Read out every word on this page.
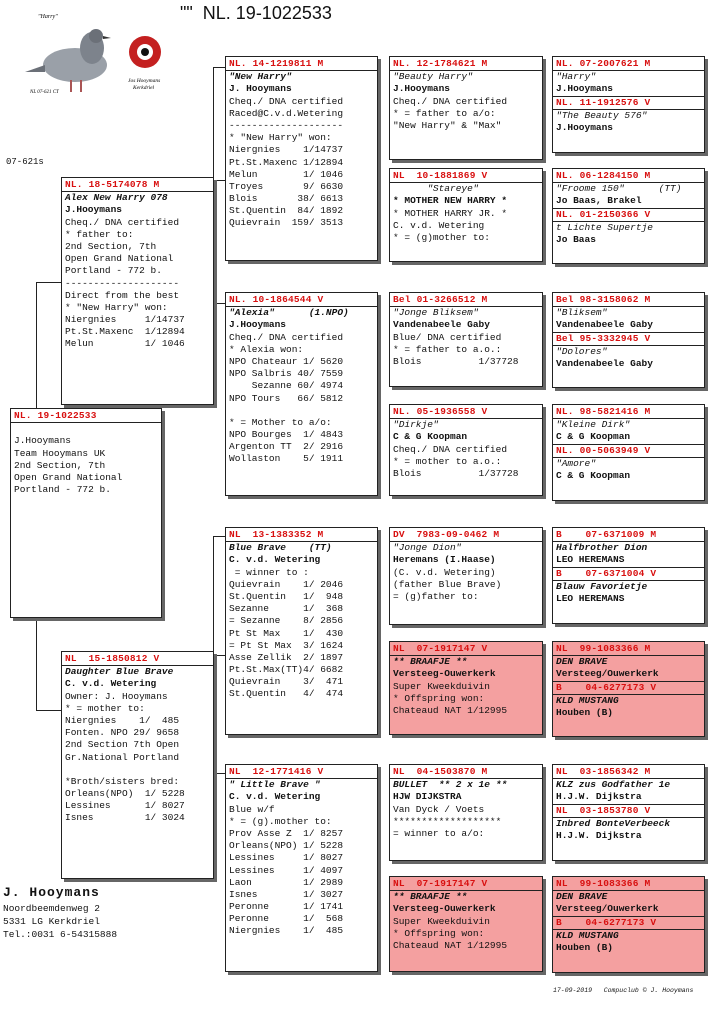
""  NL. 19-1022533
"Harry"
Jos Hooymans
Kerkdriel
NL 07-621 CT
07-621s
NL. 19-1022533
J.Hooymans
Team Hooymans UK
2nd Section, 7th
Open Grand National
Portland - 772 b.
NL. 18-5174078 M
Alex New Harry 078
J.Hooymans
Cheq./ DNA certified
* father to:
2nd Section, 7th
Open Grand National
Portland - 772 b.
--------------------
Direct from the best
* "New Harry" won:
Niergnies     1/14737
Pt.St.Maxenc  1/12894
Melun         1/ 1046
NL  15-1850812 V
Daughter Blue Brave
C. v.d. Wetering
Owner: J. Hooymans
* = mother to:
Niergnies    1/  485
Fonten. NPO 29/ 9658
2nd Section 7th Open
Gr.National Portland
*Broth/sisters bred:
Orleans(NPO)  1/ 5228
Lessines      1/ 8027
Isnes         1/ 3024
NL. 14-1219811 M
"New Harry"
J. Hooymans
Cheq./ DNA certified
Raced@C.v.d.Wetering
--------------------
* "New Harry" won:
Niergnies    1/14737
Pt.St.Maxenc 1/12894
Melun        1/ 1046
Troyes       9/ 6630
Blois       38/ 6613
St.Quentin  84/ 1892
Quievrain  159/ 3513
NL. 10-1864544 V
"Alexia"      (1.NPO)
J.Hooymans
Cheq./ DNA certified
* Alexia won:
NPO Chateaur 1/ 5620
NPO Salbris 40/ 7559
Sezanne 60/ 4974
NPO Tours   66/ 5812
* = Mother to a/o:
NPO Bourges  1/ 4843
Argenton TT  2/ 2916
Wollaston    5/ 1911
NL  13-1383352 M
Blue Brave    (TT)
C. v.d. Wetering
= winner to :
Quievrain    1/ 2046
St.Quentin   1/  948
Sezanne      1/  368
= Sezanne    8/ 2856
Pt St Max    1/  430
= Pt St Max  3/ 1624
Asse Zellik  2/ 1897
Pt.St.Max(TT)4/ 6682
Quievrain    3/  471
St.Quentin   4/  474
NL  12-1771416 V
" Little Brave "
C. v.d. Wetering
Blue w/f
* = (g).mother to:
Prov Asse Z  1/ 8257
Orleans(NPO) 1/ 5228
Lessines     1/ 8027
Lessines     1/ 4097
Laon         1/ 2989
Isnes        1/ 3027
Peronne      1/ 1741
Peronne      1/  568
Niergnies    1/  485
NL. 12-1784621 M
"Beauty Harry"
J.Hooymans
Cheq./ DNA certified
* = father to a/o:
"New Harry" & "Max"
NL  10-1881869 V
"Stareye"
* MOTHER NEW HARRY *
* MOTHER HARRY JR. *
C. v.d. Wetering
* = (g)mother to:
Bel 01-3266512 M
"Jonge Bliksem"
Vandenabeele Gaby
Blue/ DNA certified
* = father to a.o.:
Blois          1/37728
NL. 05-1936558 V
"Dirkje"
C & G Koopman
Cheq./ DNA certified
* = mother to a.o.:
Blois          1/37728
DV  7983-09-0462 M
"Jonge Dion"
Heremans (I.Haase)
(C. v.d. Wetering)
(father Blue Brave)
= (g)father to:
NL  07-1917147 V
** BRAAFJE **
Versteeg-Ouwerkerk
Super Kweekduivin
* Offspring won:
Chateaud NAT 1/12995
NL  04-1503870 M
BULLET  ** 2 x 1e **
HJW DIJKSTRA
Van Dyck / Voets
*******************
= winner to a/o:
NL  07-1917147 V
** BRAAFJE **
Versteeg-Ouwerkerk
Super Kweekduivin
* Offspring won:
Chateaud NAT 1/12995
NL. 07-2007621 M
"Harry"
J.Hooymans
NL. 11-1912576 V
"The Beauty 576"
J.Hooymans
NL. 06-1284150 M
"Froome 150"      (TT)
Jo Baas, Brakel
NL. 01-2150366 V
t Lichte Supertje
Jo Baas
Bel 98-3158062 M
"Bliksem"
Vandenabeele Gaby
Bel 95-3332945 V
"Dolores"
Vandenabeele Gaby
NL. 98-5821416 M
"Kleine Dirk"
C & G Koopman
NL. 00-5063949 V
"Amore"
C & G Koopman
B    07-6371009 M
Halfbrother Dion
LEO HEREMANS
B    07-6371004 V
Blauw Favorietje
LEO HEREMANS
NL  99-1083366 M
DEN BRAVE
Versteeg/Ouwerkerk
B    04-6277173 V
KLD MUSTANG
Houben (B)
NL  03-1856342 M
KLZ zus Godfather 1e
H.J.W. Dijkstra
NL  03-1853780 V
Inbred BonteVerbeeck
H.J.W. Dijkstra
NL  99-1083366 M
DEN BRAVE
Versteeg/Ouwerkerk
B    04-6277173 V
KLD MUSTANG
Houben (B)
J. Hooymans
Noordbeemdenweg 2
5331 LG Kerkdriel
Tel.:0031 6-54315888
17-09-2019   Compuclub © J. Hooymans
